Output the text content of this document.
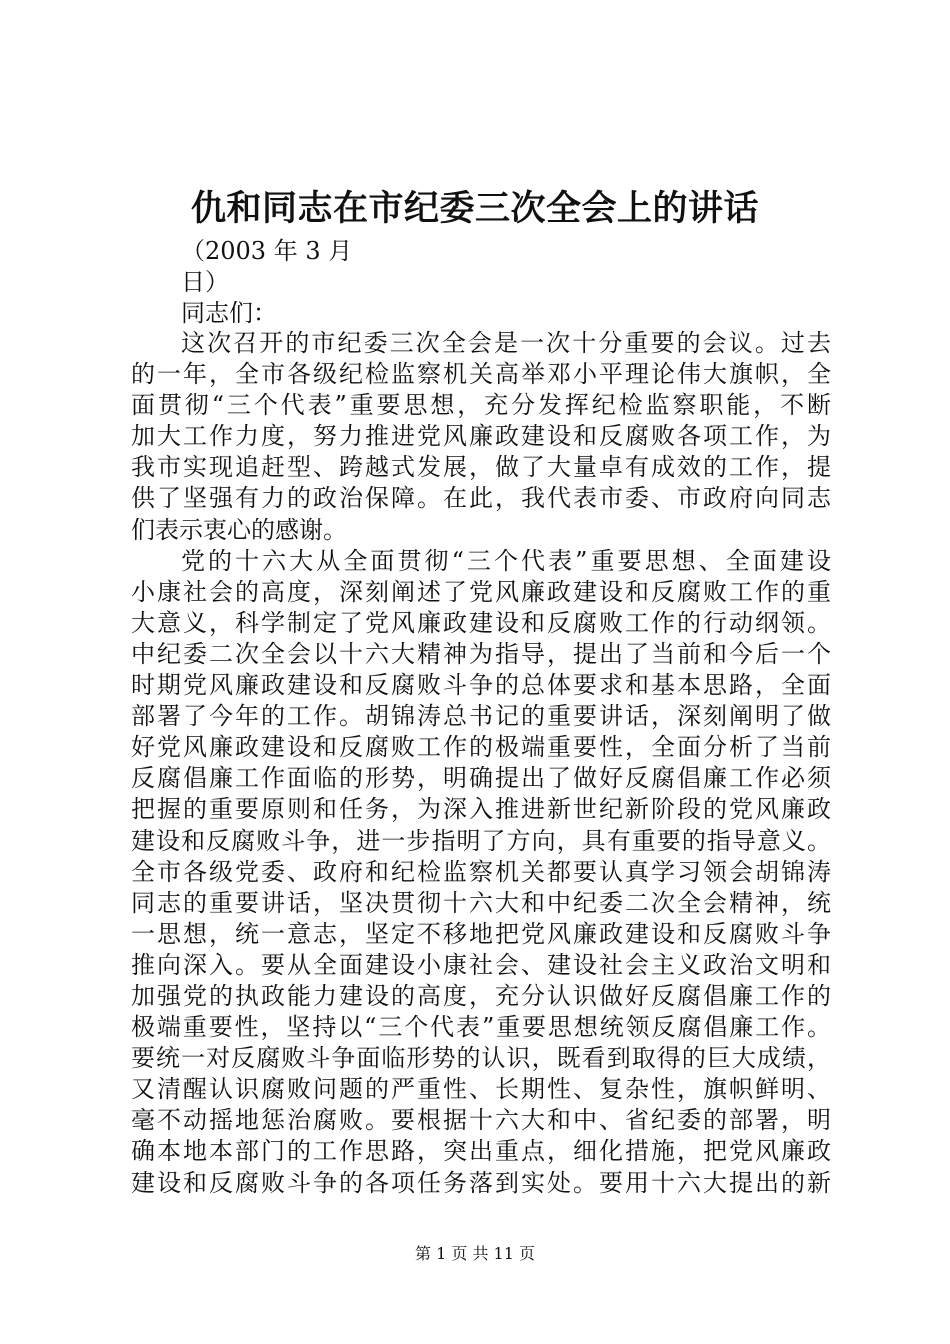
仇和同志在市纪委三次全会上的讲话
（2003 年 3 月
日）
同志们：
这次召开的市纪委三次全会是一次十分重要的会议。过去
的一年，全市各级纪检监察机关高举邓小平理论伟大旗帜，全
面贯彻“三个代表”重要思想，充分发挥纪检监察职能，不断
加大工作力度，努力推进党风廉政建设和反腐败各项工作，为
我市实现追赶型、跨越式发展，做了大量卓有成效的工作，提
供了坚强有力的政治保障。在此，我代表市委、市政府向同志
们表示衷心的感谢。
党的十六大从全面贯彻“三个代表”重要思想、全面建设
小康社会的高度，深刻阐述了党风廉政建设和反腐败工作的重
大意义，科学制定了党风廉政建设和反腐败工作的行动纲领。
中纪委二次全会以十六大精神为指导，提出了当前和今后一个
时期党风廉政建设和反腐败斗争的总体要求和基本思路，全面
部署了今年的工作。胡锦涛总书记的重要讲话，深刻阐明了做
好党风廉政建设和反腐败工作的极端重要性，全面分析了当前
反腐倡廉工作面临的形势，明确提出了做好反腐倡廉工作必须
把握的重要原则和任务，为深入推进新世纪新阶段的党风廉政
建设和反腐败斗争，进一步指明了方向，具有重要的指导意义。
全市各级党委、政府和纪检监察机关都要认真学习领会胡锦涛
同志的重要讲话，坚决贯彻十六大和中纪委二次全会精神，统
一思想，统一意志，坚定不移地把党风廉政建设和反腐败斗争
推向深入。要从全面建设小康社会、建设社会主义政治文明和
加强党的执政能力建设的高度，充分认识做好反腐倡廉工作的
极端重要性，坚持以“三个代表”重要思想统领反腐倡廉工作。
要统一对反腐败斗争面临形势的认识，既看到取得的巨大成绩，
又清醒认识腐败问题的严重性、长期性、复杂性，旗帜鲜明、
毫不动摇地惩治腐败。要根据十六大和中、省纪委的部署，明
确本地本部门的工作思路，突出重点，细化措施，把党风廉政
建设和反腐败斗争的各项任务落到实处。要用十六大提出的新
第 1 页 共 11 页
